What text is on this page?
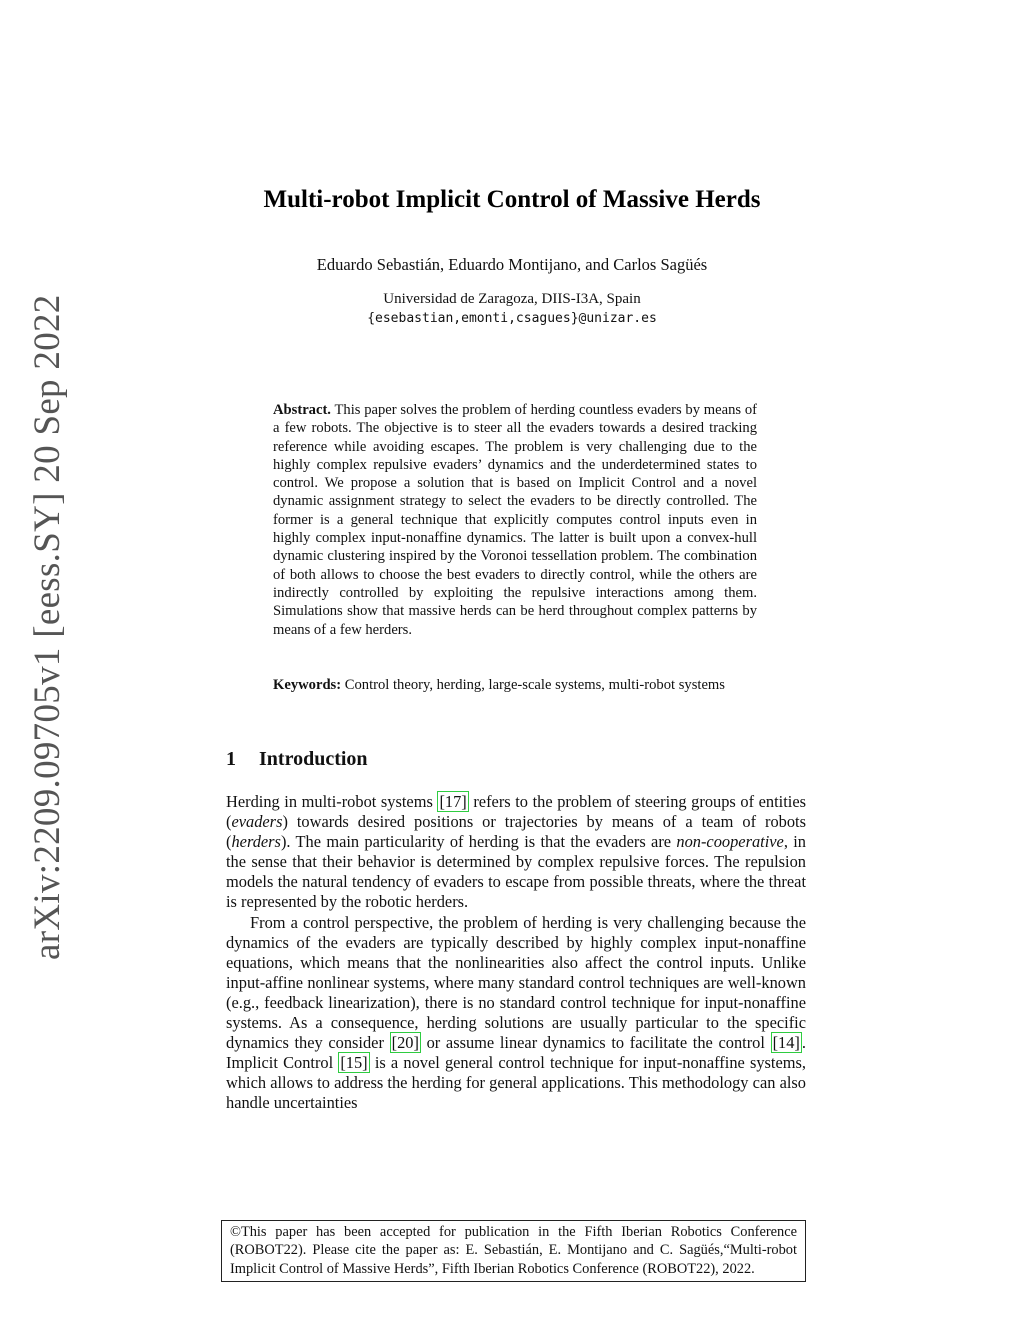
arXiv:2209.09705v1 [eess.SY] 20 Sep 2022
Multi-robot Implicit Control of Massive Herds
Eduardo Sebastián, Eduardo Montijano, and Carlos Sagüés
Universidad de Zaragoza, DIIS-I3A, Spain
{esebastian,emonti,csagues}@unizar.es
Abstract. This paper solves the problem of herding countless evaders by means of a few robots. The objective is to steer all the evaders towards a desired tracking reference while avoiding escapes. The problem is very challenging due to the highly complex repulsive evaders’ dynamics and the underdetermined states to control. We propose a solution that is based on Implicit Control and a novel dynamic assignment strategy to select the evaders to be directly controlled. The former is a general technique that explicitly computes control inputs even in highly complex input-nonaffine dynamics. The latter is built upon a convex-hull dynamic clustering inspired by the Voronoi tessellation problem. The combination of both allows to choose the best evaders to directly control, while the others are indirectly controlled by exploiting the repulsive interactions among them. Simulations show that massive herds can be herd throughout complex patterns by means of a few herders.
Keywords: Control theory, herding, large-scale systems, multi-robot systems
1 Introduction

Herding in multi-robot systems [17] refers to the problem of steering groups of entities (evaders) towards desired positions or trajectories by means of a team of robots (herders). The main particularity of herding is that the evaders are non-cooperative, in the sense that their behavior is determined by complex repulsive forces. The repulsion models the natural tendency of evaders to escape from possible threats, where the threat is represented by the robotic herders.

From a control perspective, the problem of herding is very challenging because the dynamics of the evaders are typically described by highly complex input-nonaffine equations, which means that the nonlinearities also affect the control inputs. Unlike input-affine nonlinear systems, where many standard control techniques are well-known (e.g., feedback linearization), there is no standard control technique for input-nonaffine systems. As a consequence, herding solutions are usually particular to the specific dynamics they consider [20] or assume linear dynamics to facilitate the control [14] . Implicit Control [15] is a novel general control technique for input-nonaffine systems, which allows to address the herding for general applications. This methodology can also handle uncertainties

©This paper has been accepted for publication in the Fifth Iberian Robotics Conference (ROBOT22). Please cite the paper as: E. Sebastián, E. Montijano and C. Sagüés,“Multi-robot Implicit Control of Massive Herds”, Fifth Iberian Robotics Conference (ROBOT22), 2022.
